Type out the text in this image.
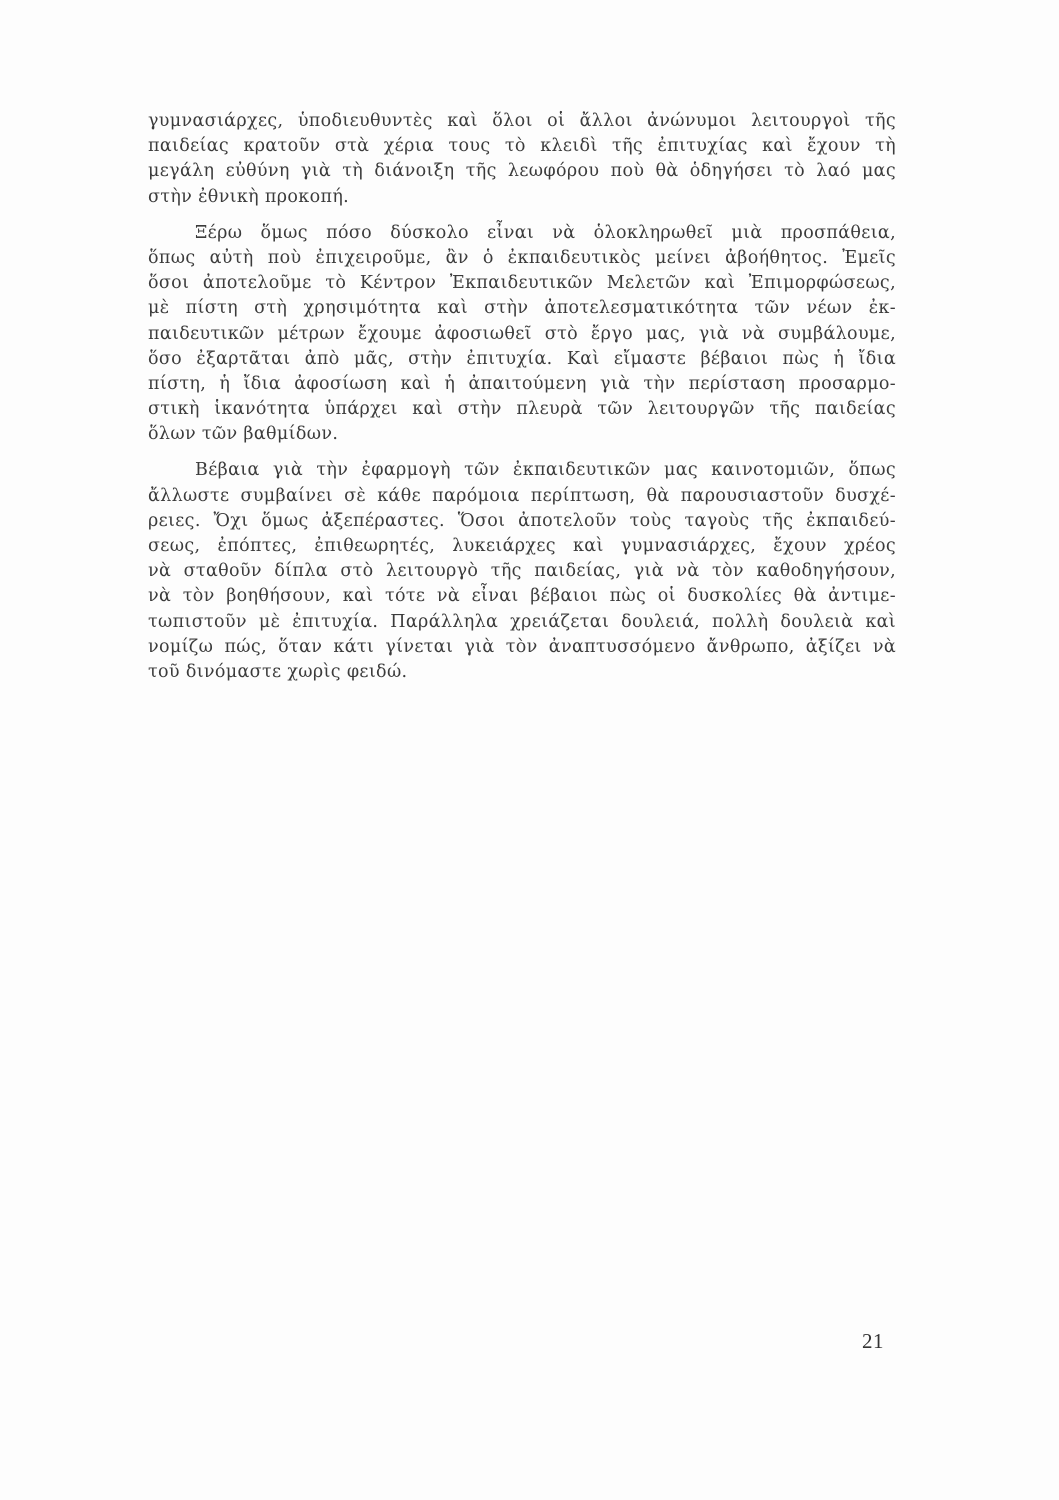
γυμνασιάρχες, ὑποδιευθυντὲς καὶ ὅλοι οἱ ἄλλοι ἀνώνυμοι λειτουργοὶ τῆς
παιδείας κρατοῦν στὰ χέρια τους τὸ κλειδὶ τῆς ἐπιτυχίας καὶ ἔχουν τὴ
μεγάλη εὐθύνη γιὰ τὴ διάνοιξη τῆς λεωφόρου ποὺ θὰ ὁδηγήσει τὸ λαό μας
στὴν ἐθνικὴ προκοπή.
Ξέρω ὅμως πόσο δύσκολο εἶναι νὰ ὁλοκληρωθεῖ μιὰ προσπάθεια,
ὅπως αὐτὴ ποὺ ἐπιχειροῦμε, ἂν ὁ ἐκπαιδευτικὸς μείνει ἀβοήθητος. Ἐμεῖς
ὅσοι ἀποτελοῦμε τὸ Κέντρον Ἐκπαιδευτικῶν Μελετῶν καὶ Ἐπιμορφώσεως,
μὲ πίστη στὴ χρησιμότητα καὶ στὴν ἀποτελεσματικότητα τῶν νέων ἐκ-
παιδευτικῶν μέτρων ἔχουμε ἀφοσιωθεῖ στὸ ἔργο μας, γιὰ νὰ συμβάλουμε,
ὅσο ἐξαρτᾶται ἀπὸ μᾶς, στὴν ἐπιτυχία. Καὶ εἴμαστε βέβαιοι πὼς ἡ ἴδια
πίστη, ἡ ἴδια ἀφοσίωση καὶ ἡ ἀπαιτούμενη γιὰ τὴν περίσταση προσαρμο-
στικὴ ἱκανότητα ὑπάρχει καὶ στὴν πλευρὰ τῶν λειτουργῶν τῆς παιδείας
ὅλων τῶν βαθμίδων.
Βέβαια γιὰ τὴν ἐφαρμογὴ τῶν ἐκπαιδευτικῶν μας καινοτομιῶν, ὅπως
ἄλλωστε συμβαίνει σὲ κάθε παρόμοια περίπτωση, θὰ παρουσιαστοῦν δυσχέ-
ρειες. Ὄχι ὅμως ἀξεπέραστες. Ὅσοι ἀποτελοῦν τοὺς ταγοὺς τῆς ἐκπαιδεύ-
σεως, ἐπόπτες, ἐπιθεωρητές, λυκειάρχες καὶ γυμνασιάρχες, ἔχουν χρέος
νὰ σταθοῦν δίπλα στὸ λειτουργὸ τῆς παιδείας, γιὰ νὰ τὸν καθοδηγήσουν,
νὰ τὸν βοηθήσουν, καὶ τότε νὰ εἶναι βέβαιοι πὼς οἱ δυσκολίες θὰ ἀντιμε-
τωπιστοῦν μὲ ἐπιτυχία. Παράλληλα χρειάζεται δουλειά, πολλὴ δουλειὰ καὶ
νομίζω πώς, ὅταν κάτι γίνεται γιὰ τὸν ἀναπτυσσόμενο ἄνθρωπο, ἀξίζει νὰ
τοῦ δινόμαστε χωρὶς φειδώ.
21
